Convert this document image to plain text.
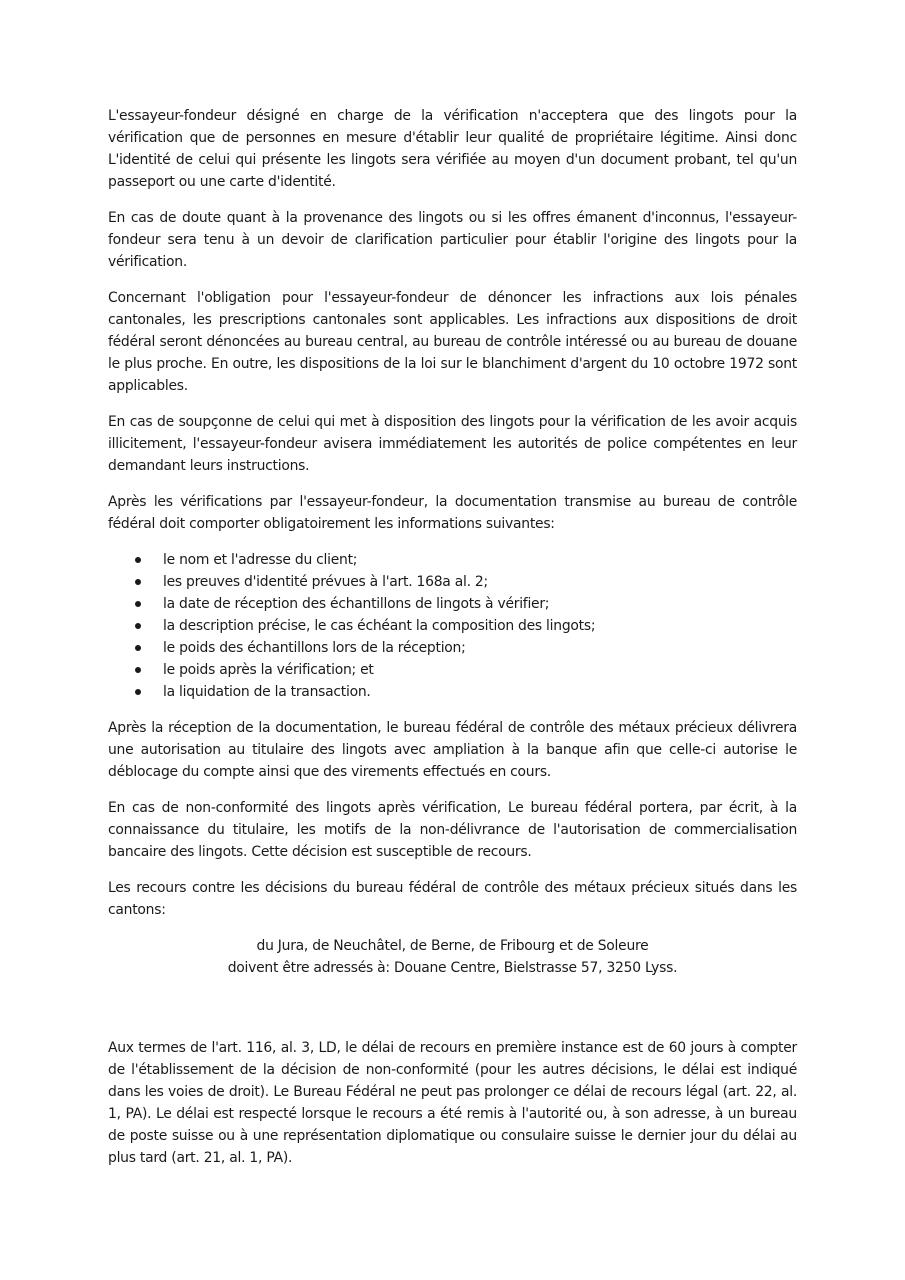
L'essayeur-fondeur désigné en charge de la vérification n'acceptera que des lingots pour la vérification que de personnes en mesure d'établir leur qualité de propriétaire légitime. Ainsi donc L'identité de celui qui présente les lingots sera vérifiée au moyen d'un document probant, tel qu'un passeport ou une carte d'identité.

En cas de doute quant à la provenance des lingots ou si les offres émanent d'inconnus, l'essayeur-fondeur sera tenu à un devoir de clarification particulier pour établir l'origine des lingots pour la vérification.

Concernant l'obligation pour l'essayeur-fondeur de dénoncer les infractions aux lois pénales cantonales, les prescriptions cantonales sont applicables. Les infractions aux dispositions de droit fédéral seront dénoncées au bureau central, au bureau de contrôle intéressé ou au bureau de douane le plus proche. En outre, les dispositions de la loi sur le blanchiment d'argent du 10 octobre 1972 sont applicables.

En cas de soupçonne de celui qui met à disposition des lingots pour la vérification de les avoir acquis illicitement, l'essayeur-fondeur avisera immédiatement les autorités de police compétentes en leur demandant leurs instructions.

Après les vérifications par l'essayeur-fondeur, la documentation transmise au bureau de contrôle fédéral doit comporter obligatoirement les informations suivantes:

le nom et l'adresse du client;
les preuves d'identité prévues à l'art. 168a al. 2;
la date de réception des échantillons de lingots à vérifier;
la description précise, le cas échéant la composition des lingots;
le poids des échantillons lors de la réception;
le poids après la vérification; et
la liquidation de la transaction.

Après la réception de la documentation, le bureau fédéral de contrôle des métaux précieux délivrera une autorisation au titulaire des lingots avec ampliation à la banque afin que celle-ci autorise le déblocage du compte ainsi que des virements effectués en cours.

En cas de non-conformité des lingots après vérification, Le bureau fédéral portera, par écrit, à la connaissance du titulaire, les motifs de la non-délivrance de l'autorisation de commercialisation bancaire des lingots. Cette décision est susceptible de recours.

Les recours contre les décisions du bureau fédéral de contrôle des métaux précieux situés dans les cantons:

du Jura, de Neuchâtel, de Berne, de Fribourg et de Soleure
doivent être adressés à: Douane Centre, Bielstrasse 57, 3250 Lyss.

Aux termes de l'art. 116, al. 3, LD, le délai de recours en première instance est de 60 jours à compter de l'établissement de la décision de non-conformité (pour les autres décisions, le délai est indiqué dans les voies de droit). Le Bureau Fédéral ne peut pas prolonger ce délai de recours légal (art. 22, al. 1, PA). Le délai est respecté lorsque le recours a été remis à l'autorité ou, à son adresse, à un bureau de poste suisse ou à une représentation diplomatique ou consulaire suisse le dernier jour du délai au plus tard (art. 21, al. 1, PA).
